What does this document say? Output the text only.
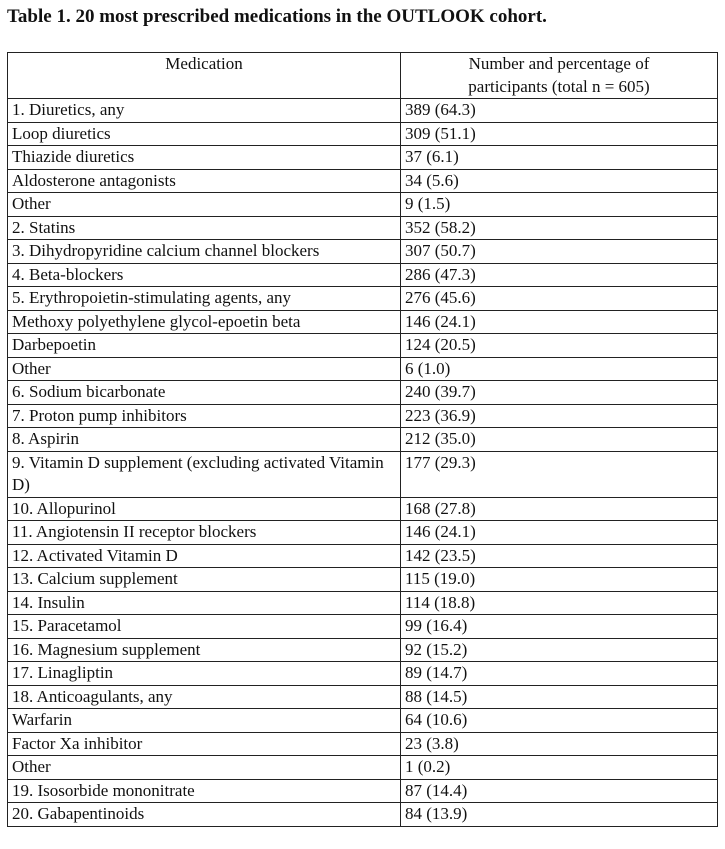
Table 1. 20 most prescribed medications in the OUTLOOK cohort.
Medication	Number and percentage of
participants (total n = 605)

1. Diuretics, any	389 (64.3)
Loop diuretics	309 (51.1)
Thiazide diuretics	37 (6.1)
Aldosterone antagonists	34 (5.6)
Other	9 (1.5)
2. Statins	352 (58.2)
3. Dihydropyridine calcium channel blockers	307 (50.7)
4. Beta-blockers	286 (47.3)
5. Erythropoietin-stimulating agents, any	276 (45.6)
Methoxy polyethylene glycol-epoetin beta	146 (24.1)
Darbepoetin	124 (20.5)
Other	6 (1.0)
6. Sodium bicarbonate	240 (39.7)
7. Proton pump inhibitors	223 (36.9)
8. Aspirin	212 (35.0)
9. Vitamin D supplement (excluding activated Vitamin D)	177 (29.3)
10. Allopurinol	168 (27.8)
11. Angiotensin II receptor blockers	146 (24.1)
12. Activated Vitamin D	142 (23.5)
13. Calcium supplement	115 (19.0)
14. Insulin	114 (18.8)
15. Paracetamol	99 (16.4)
16. Magnesium supplement	92 (15.2)
17. Linagliptin	89 (14.7)
18. Anticoagulants, any	88 (14.5)
Warfarin	64 (10.6)
Factor Xa inhibitor	23 (3.8)
Other	1 (0.2)
19. Isosorbide mononitrate	87 (14.4)
20. Gabapentinoids	84 (13.9)
